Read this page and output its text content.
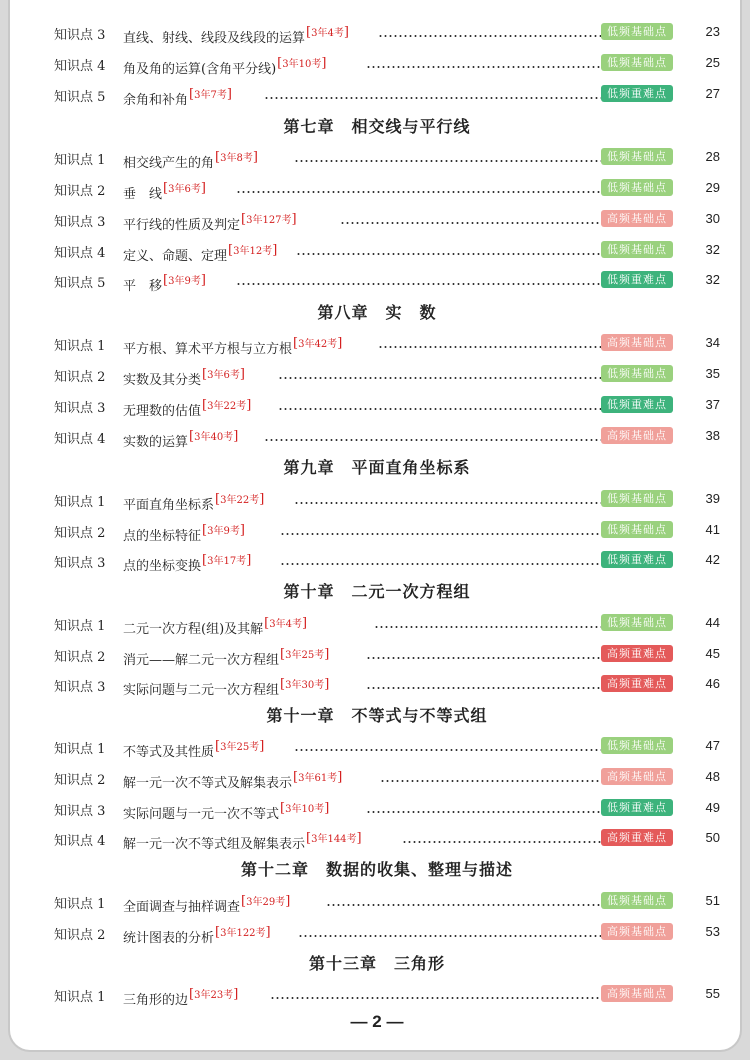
知识点 3 直线、射线、线段及线段的运算 [ $^{3年4考}$ ]	低频基础点	23
知识点 4 角及角的运算(含角平分线) [ $^{3年10考}$ ]	低频基础点	25
知识点 5 余角和补角 [ $^{3年7考}$ ]	低频重难点	27
第七章　相交线与平行线
知识点 1 相交线产生的角 [ $^{3年8考}$ ]	低频基础点	28
知识点 2 垂　线 [ $^{3年6考}$ ]	低频基础点	29
知识点 3 平行线的性质及判定 [ $^{3年127考}$ ]	高频基础点	30
知识点 4 定义、命题、定理 [ $^{3年12考}$ ]	低频基础点	32
知识点 5 平　移 [ $^{3年9考}$ ]	低频重难点	32
第八章　实　数
知识点 1 平方根、算术平方根与立方根 [ $^{3年42考}$ ]	高频基础点	34
知识点 2 实数及其分类 [ $^{3年6考}$ ]	低频基础点	35
知识点 3 无理数的估值 [ $^{3年22考}$ ]	低频重难点	37
知识点 4 实数的运算 [ $^{3年40考}$ ]	高频基础点	38
第九章　平面直角坐标系
知识点 1 平面直角坐标系 [ $^{3年22考}$ ]	低频基础点	39
知识点 2 点的坐标特征 [ $^{3年9考}$ ]	低频基础点	41
知识点 3 点的坐标变换 [ $^{3年17考}$ ]	低频重难点	42
第十章　二元一次方程组
知识点 1 二元一次方程(组)及其解 [ $^{3年4考}$ ]	低频基础点	44
知识点 2 消元——解二元一次方程组 [ $^{3年25考}$ ]	高频重难点	45
知识点 3 实际问题与二元一次方程组 [ $^{3年30考}$ ]	高频重难点	46
第十一章　不等式与不等式组
知识点 1 不等式及其性质 [ $^{3年25考}$ ]	低频基础点	47
知识点 2 解一元一次不等式及解集表示 [ $^{3年61考}$ ]	高频基础点	48
知识点 3 实际问题与一元一次不等式 [ $^{3年10考}$ ]	低频重难点	49
知识点 4 解一元一次不等式组及解集表示 [ $^{3年144考}$ ]	高频重难点	50
第十二章　数据的收集、整理与描述
知识点 1 全面调查与抽样调查 [ $^{3年29考}$ ]	低频基础点	51
知识点 2 统计图表的分析 [ $^{3年122考}$ ]	高频基础点	53
第十三章　三角形
知识点 1 三角形的边 [ $^{3年23考}$ ]	高频基础点	55
— 2 —
